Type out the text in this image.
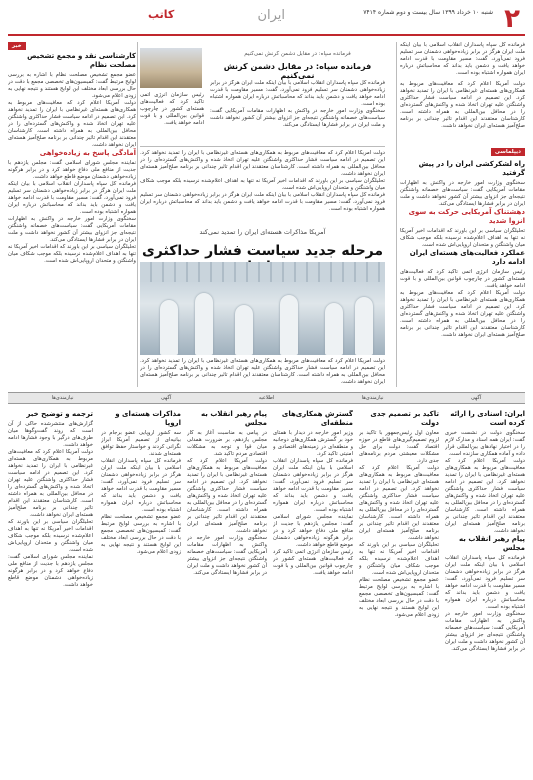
۲
شنبه ۱۰ خرداد ۱۳۹۹ سال بیست و دوم شماره ۷۴۱۴
ایران
کاتب
فرمانده کل سپاه پاسداران انقلاب اسلامی با بیان اینکه ملت ایران هرگز در برابر زیاده‌خواهی دشمنان سر تسلیم فرود نمی‌آورد، گفت: مسیر مقاومت با قدرت ادامه خواهد یافت و دشمن باید بداند که محاسباتش درباره ایران همواره اشتباه بوده است.
دولت آمریکا اعلام کرد که معافیت‌های مربوط به همکاری‌های هسته‌ای غیرنظامی با ایران را تمدید نخواهد کرد. این تصمیم در ادامه سیاست فشار حداکثری واشنگتن علیه تهران اتخاذ شده و واکنش‌های گسترده‌ای را در محافل بین‌المللی به همراه داشته است. کارشناسان معتقدند این اقدام تاثیر چندانی بر برنامه صلح‌آمیز هسته‌ای ایران نخواهد داشت.
دیپلماسی
راه لشکرکشی ایران را در پیش گرفتید
سخنگوی وزارت امور خارجه در واکنش به اظهارات مقامات آمریکایی گفت: سیاست‌های خصمانه واشنگتن نتیجه‌ای جز انزوای بیشتر آن کشور نخواهد داشت و ملت ایران در برابر فشارها ایستادگی می‌کند.
دهشتناک آمریکایی حرکت به سوی انزوا شدید
تحلیلگران سیاسی بر این باورند که اقدامات اخیر آمریکا نه تنها به اهداف اعلام‌شده نرسیده بلکه موجب شکاف میان واشنگتن و متحدان اروپایی‌اش شده است.
عملکرد فعالیت‌های هسته‌ای ایران ادامه دارد
رئیس سازمان انرژی اتمی تاکید کرد که فعالیت‌های هسته‌ای کشور در چارچوب قوانین بین‌المللی و با قوت ادامه خواهد یافت.
دولت آمریکا اعلام کرد که معافیت‌های مربوط به همکاری‌های هسته‌ای غیرنظامی با ایران را تمدید نخواهد کرد. این تصمیم در ادامه سیاست فشار حداکثری واشنگتن علیه تهران اتخاذ شده و واکنش‌های گسترده‌ای را در محافل بین‌المللی به همراه داشته است. کارشناسان معتقدند این اقدام تاثیر چندانی بر برنامه صلح‌آمیز هسته‌ای ایران نخواهد داشت.
فرمانده سپاه: در مقابل دشمن کرنش نمی‌کنیم
فرمانده سپاه: در مقابل دشمن کرنش نمی‌کنیم
فرمانده کل سپاه پاسداران انقلاب اسلامی با بیان اینکه ملت ایران هرگز در برابر زیاده‌خواهی دشمنان سر تسلیم فرود نمی‌آورد، گفت: مسیر مقاومت با قدرت ادامه خواهد یافت و دشمن باید بداند که محاسباتش درباره ایران همواره اشتباه بوده است.
سخنگوی وزارت امور خارجه در واکنش به اظهارات مقامات آمریکایی گفت: سیاست‌های خصمانه واشنگتن نتیجه‌ای جز انزوای بیشتر آن کشور نخواهد داشت و ملت ایران در برابر فشارها ایستادگی می‌کند.
رئیس سازمان انرژی اتمی تاکید کرد که فعالیت‌های هسته‌ای کشور در چارچوب قوانین بین‌المللی و با قوت ادامه خواهد یافت.
دولت آمریکا اعلام کرد که معافیت‌های مربوط به همکاری‌های هسته‌ای غیرنظامی با ایران را تمدید نخواهد کرد. این تصمیم در ادامه سیاست فشار حداکثری واشنگتن علیه تهران اتخاذ شده و واکنش‌های گسترده‌ای را در محافل بین‌المللی به همراه داشته است. کارشناسان معتقدند این اقدام تاثیر چندانی بر برنامه صلح‌آمیز هسته‌ای ایران نخواهد داشت.
تحلیلگران سیاسی بر این باورند که اقدامات اخیر آمریکا نه تنها به اهداف اعلام‌شده نرسیده بلکه موجب شکاف میان واشنگتن و متحدان اروپایی‌اش شده است.
فرمانده کل سپاه پاسداران انقلاب اسلامی با بیان اینکه ملت ایران هرگز در برابر زیاده‌خواهی دشمنان سر تسلیم فرود نمی‌آورد، گفت: مسیر مقاومت با قدرت ادامه خواهد یافت و دشمن باید بداند که محاسباتش درباره ایران همواره اشتباه بوده است.
آمریکا مذاکرات هسته‌ای ایران را تمدید نمی‌کند
مرحله جدید سیاست فشار حداکثری
دولت آمریکا اعلام کرد که معافیت‌های مربوط به همکاری‌های هسته‌ای غیرنظامی با ایران را تمدید نخواهد کرد. این تصمیم در ادامه سیاست فشار حداکثری واشنگتن علیه تهران اتخاذ شده و واکنش‌های گسترده‌ای را در محافل بین‌المللی به همراه داشته است. کارشناسان معتقدند این اقدام تاثیر چندانی بر برنامه صلح‌آمیز هسته‌ای ایران نخواهد داشت.
خبر
کارشناسی نقد و مجمع تشخیص مصلحت نظام
عضو مجمع تشخیص مصلحت نظام با اشاره به بررسی لوایح مرتبط گفت: کمیسیون‌های تخصصی مجمع با دقت در حال بررسی ابعاد مختلف این لوایح هستند و نتیجه نهایی به زودی اعلام می‌شود.
دولت آمریکا اعلام کرد که معافیت‌های مربوط به همکاری‌های هسته‌ای غیرنظامی با ایران را تمدید نخواهد کرد. این تصمیم در ادامه سیاست فشار حداکثری واشنگتن علیه تهران اتخاذ شده و واکنش‌های گسترده‌ای را در محافل بین‌المللی به همراه داشته است. کارشناسان معتقدند این اقدام تاثیر چندانی بر برنامه صلح‌آمیز هسته‌ای ایران نخواهد داشت.
آمادگی پاسخ به زیاده‌خواهی
نماینده مجلس شورای اسلامی گفت: مجلس یازدهم با جدیت از منافع ملی دفاع خواهد کرد و در برابر هرگونه زیاده‌خواهی دشمنان موضع قاطع خواهد داشت.
فرمانده کل سپاه پاسداران انقلاب اسلامی با بیان اینکه ملت ایران هرگز در برابر زیاده‌خواهی دشمنان سر تسلیم فرود نمی‌آورد، گفت: مسیر مقاومت با قدرت ادامه خواهد یافت و دشمن باید بداند که محاسباتش درباره ایران همواره اشتباه بوده است.
سخنگوی وزارت امور خارجه در واکنش به اظهارات مقامات آمریکایی گفت: سیاست‌های خصمانه واشنگتن نتیجه‌ای جز انزوای بیشتر آن کشور نخواهد داشت و ملت ایران در برابر فشارها ایستادگی می‌کند.
تحلیلگران سیاسی بر این باورند که اقدامات اخیر آمریکا نه تنها به اهداف اعلام‌شده نرسیده بلکه موجب شکاف میان واشنگتن و متحدان اروپایی‌اش شده است.
آگهی
نیازمندی‌ها
اطلاعیه
آگهی
نیازمندی‌ها
ایران: اسنادی را ارائه کرده است
سخنگوی دولت در نشست خبری گفت: ایران همه اسناد و مدارک لازم را در اختیار نهادهای بین‌المللی قرار داده و آماده همکاری سازنده است.
دولت آمریکا اعلام کرد که معافیت‌های مربوط به همکاری‌های هسته‌ای غیرنظامی با ایران را تمدید نخواهد کرد. این تصمیم در ادامه سیاست فشار حداکثری واشنگتن علیه تهران اتخاذ شده و واکنش‌های گسترده‌ای را در محافل بین‌المللی به همراه داشته است. کارشناسان معتقدند این اقدام تاثیر چندانی بر برنامه صلح‌آمیز هسته‌ای ایران نخواهد داشت.
پیام رهبر انقلاب به مجلس
فرمانده کل سپاه پاسداران انقلاب اسلامی با بیان اینکه ملت ایران هرگز در برابر زیاده‌خواهی دشمنان سر تسلیم فرود نمی‌آورد، گفت: مسیر مقاومت با قدرت ادامه خواهد یافت و دشمن باید بداند که محاسباتش درباره ایران همواره اشتباه بوده است.
سخنگوی وزارت امور خارجه در واکنش به اظهارات مقامات آمریکایی گفت: سیاست‌های خصمانه واشنگتن نتیجه‌ای جز انزوای بیشتر آن کشور نخواهد داشت و ملت ایران در برابر فشارها ایستادگی می‌کند.
تاکید بر تصمیم جدی دولت
معاون اول رئیس‌جمهور با تاکید بر لزوم تصمیم‌گیری‌های قاطع در حوزه اقتصاد گفت: دولت برای حل مشکلات معیشتی مردم برنامه‌های جدی دارد.
دولت آمریکا اعلام کرد که معافیت‌های مربوط به همکاری‌های هسته‌ای غیرنظامی با ایران را تمدید نخواهد کرد. این تصمیم در ادامه سیاست فشار حداکثری واشنگتن علیه تهران اتخاذ شده و واکنش‌های گسترده‌ای را در محافل بین‌المللی به همراه داشته است. کارشناسان معتقدند این اقدام تاثیر چندانی بر برنامه صلح‌آمیز هسته‌ای ایران نخواهد داشت.
تحلیلگران سیاسی بر این باورند که اقدامات اخیر آمریکا نه تنها به اهداف اعلام‌شده نرسیده بلکه موجب شکاف میان واشنگتن و متحدان اروپایی‌اش شده است.
عضو مجمع تشخیص مصلحت نظام با اشاره به بررسی لوایح مرتبط گفت: کمیسیون‌های تخصصی مجمع با دقت در حال بررسی ابعاد مختلف این لوایح هستند و نتیجه نهایی به زودی اعلام می‌شود.
گسترش همکاری‌های منطقه‌ای
وزیر امور خارجه در دیدار با همتای خود بر گسترش همکاری‌های دوجانبه و منطقه‌ای در زمینه‌های اقتصادی و امنیتی تاکید کرد.
فرمانده کل سپاه پاسداران انقلاب اسلامی با بیان اینکه ملت ایران هرگز در برابر زیاده‌خواهی دشمنان سر تسلیم فرود نمی‌آورد، گفت: مسیر مقاومت با قدرت ادامه خواهد یافت و دشمن باید بداند که محاسباتش درباره ایران همواره اشتباه بوده است.
نماینده مجلس شورای اسلامی گفت: مجلس یازدهم با جدیت از منافع ملی دفاع خواهد کرد و در برابر هرگونه زیاده‌خواهی دشمنان موضع قاطع خواهد داشت.
رئیس سازمان انرژی اتمی تاکید کرد که فعالیت‌های هسته‌ای کشور در چارچوب قوانین بین‌المللی و با قوت ادامه خواهد یافت.
پیام رهبر انقلاب به مجلس
در پیامی به مناسبت آغاز به کار مجلس یازدهم، بر ضرورت همدلی میان قوا و توجه به مشکلات اقتصادی مردم تاکید شد.
دولت آمریکا اعلام کرد که معافیت‌های مربوط به همکاری‌های هسته‌ای غیرنظامی با ایران را تمدید نخواهد کرد. این تصمیم در ادامه سیاست فشار حداکثری واشنگتن علیه تهران اتخاذ شده و واکنش‌های گسترده‌ای را در محافل بین‌المللی به همراه داشته است. کارشناسان معتقدند این اقدام تاثیر چندانی بر برنامه صلح‌آمیز هسته‌ای ایران نخواهد داشت.
سخنگوی وزارت امور خارجه در واکنش به اظهارات مقامات آمریکایی گفت: سیاست‌های خصمانه واشنگتن نتیجه‌ای جز انزوای بیشتر آن کشور نخواهد داشت و ملت ایران در برابر فشارها ایستادگی می‌کند.
مذاکرات هسته‌ای و اروپا
سه کشور اروپایی عضو برجام در بیانیه‌ای از تصمیم آمریکا ابراز نگرانی کردند و خواستار حفظ توافق هسته‌ای شدند.
فرمانده کل سپاه پاسداران انقلاب اسلامی با بیان اینکه ملت ایران هرگز در برابر زیاده‌خواهی دشمنان سر تسلیم فرود نمی‌آورد، گفت: مسیر مقاومت با قدرت ادامه خواهد یافت و دشمن باید بداند که محاسباتش درباره ایران همواره اشتباه بوده است.
عضو مجمع تشخیص مصلحت نظام با اشاره به بررسی لوایح مرتبط گفت: کمیسیون‌های تخصصی مجمع با دقت در حال بررسی ابعاد مختلف این لوایح هستند و نتیجه نهایی به زودی اعلام می‌شود.
ترجمه و توضیح خبر
گزارش‌های منتشرشده حاکی از آن است که روند گفت‌وگوها میان طرف‌های درگیر با وجود فشارها ادامه خواهد داشت.
دولت آمریکا اعلام کرد که معافیت‌های مربوط به همکاری‌های هسته‌ای غیرنظامی با ایران را تمدید نخواهد کرد. این تصمیم در ادامه سیاست فشار حداکثری واشنگتن علیه تهران اتخاذ شده و واکنش‌های گسترده‌ای را در محافل بین‌المللی به همراه داشته است. کارشناسان معتقدند این اقدام تاثیر چندانی بر برنامه صلح‌آمیز هسته‌ای ایران نخواهد داشت.
تحلیلگران سیاسی بر این باورند که اقدامات اخیر آمریکا نه تنها به اهداف اعلام‌شده نرسیده بلکه موجب شکاف میان واشنگتن و متحدان اروپایی‌اش شده است.
نماینده مجلس شورای اسلامی گفت: مجلس یازدهم با جدیت از منافع ملی دفاع خواهد کرد و در برابر هرگونه زیاده‌خواهی دشمنان موضع قاطع خواهد داشت.
